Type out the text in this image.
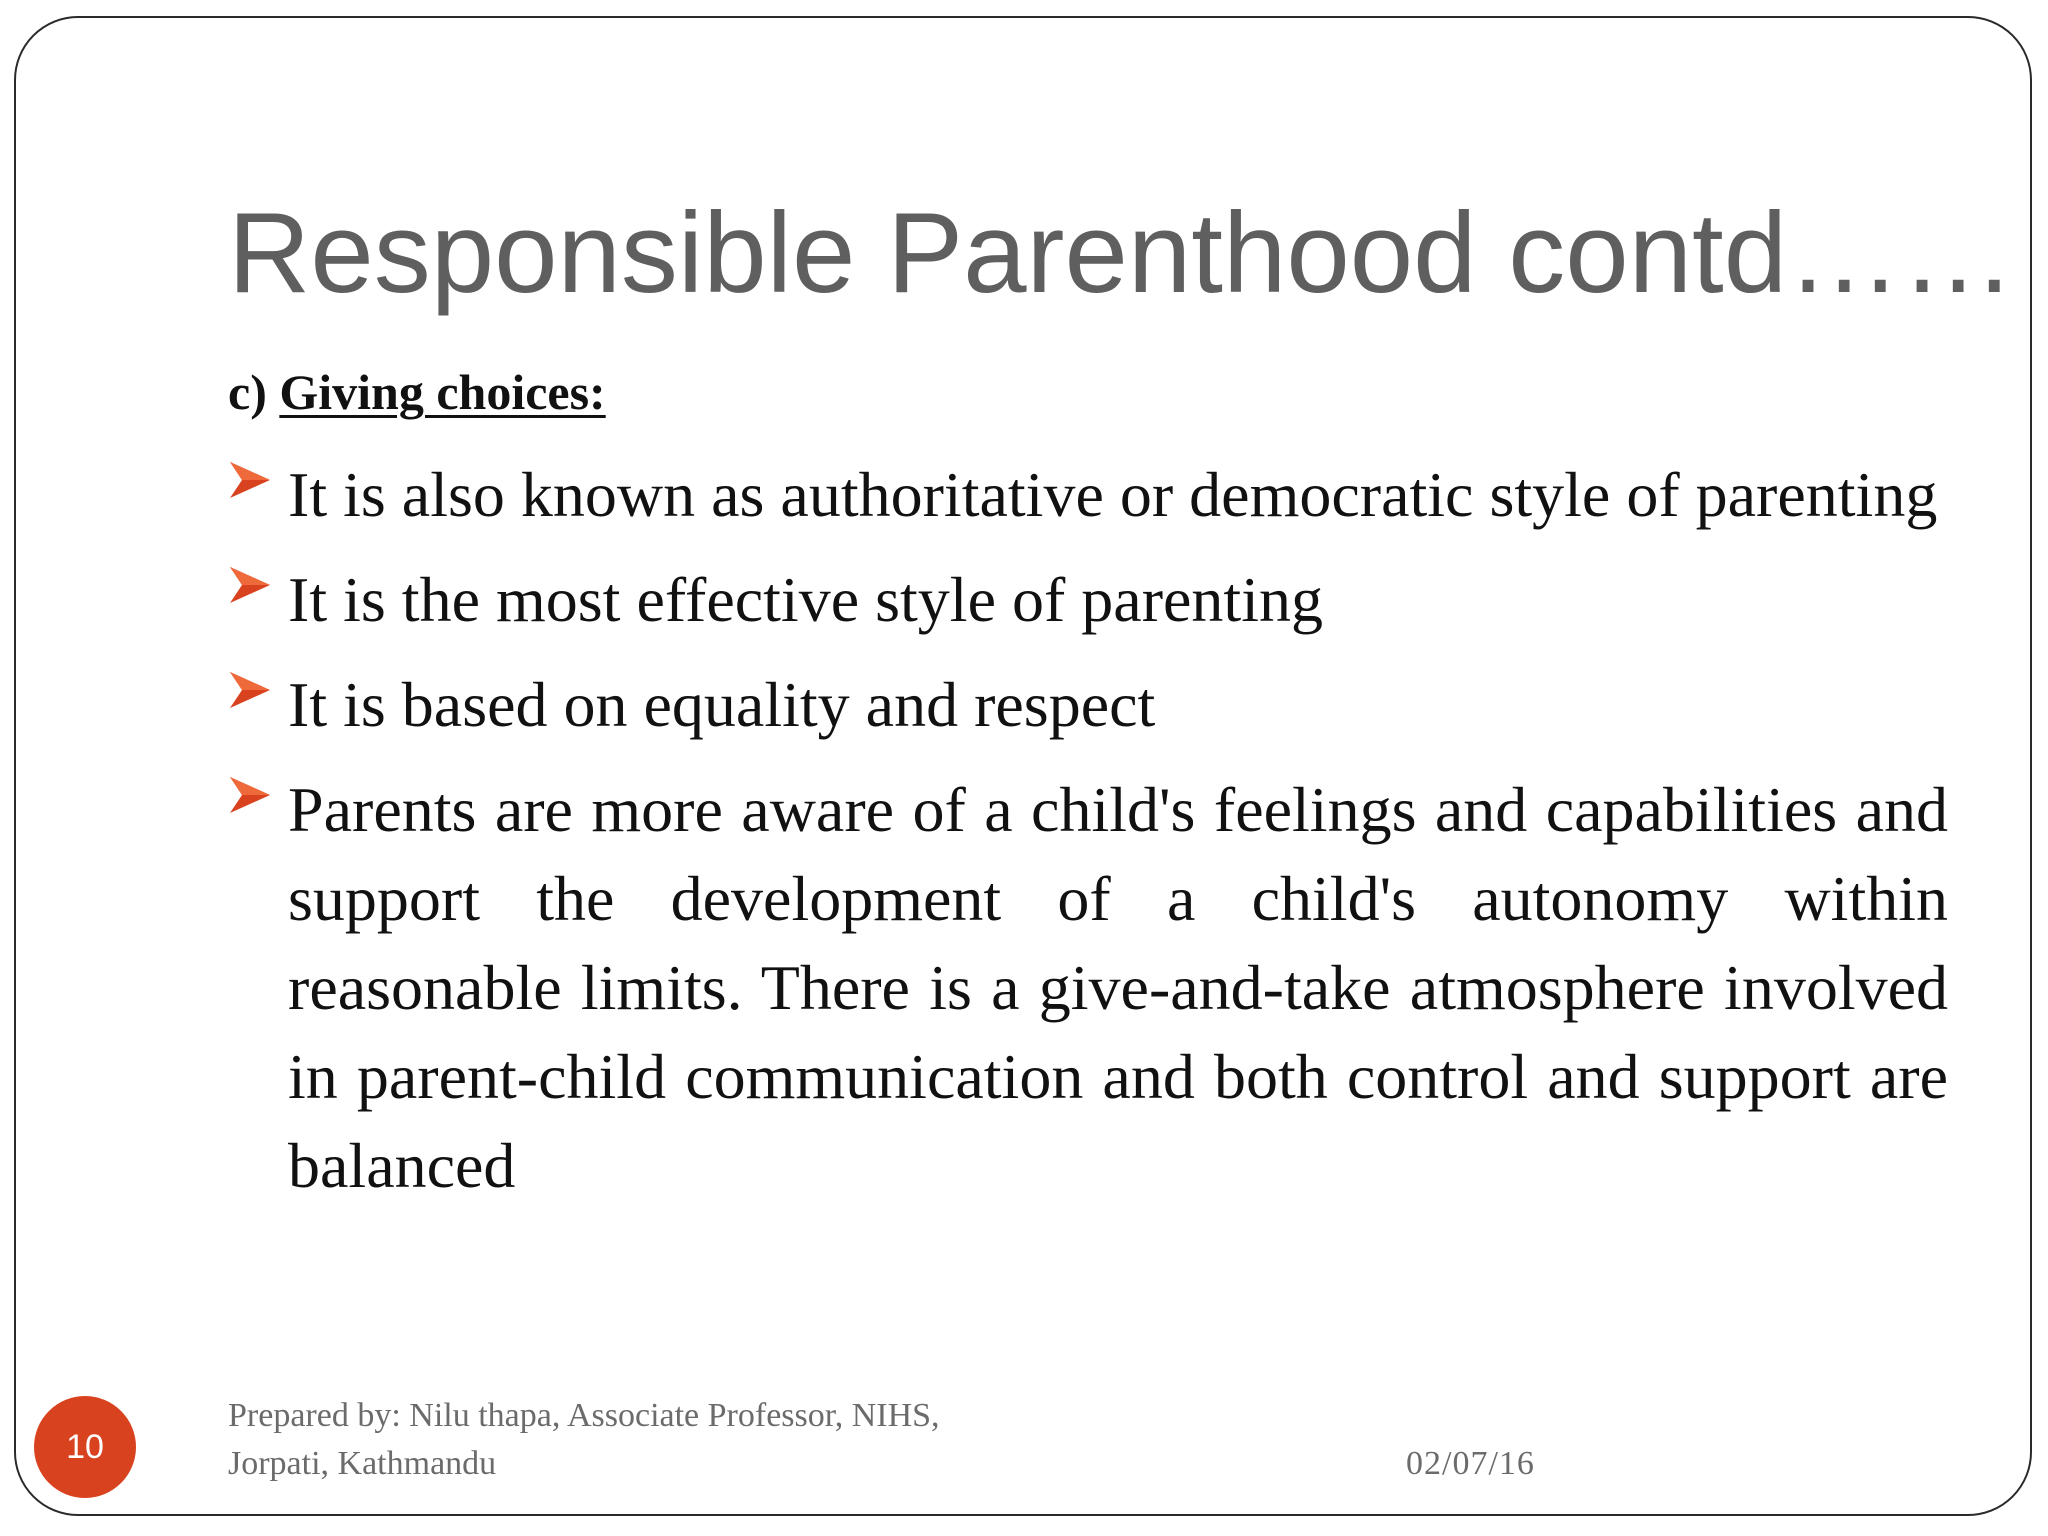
Responsible Parenthood contd……
c) Giving choices:
It is also known as authoritative or democratic style of parenting
It is the most effective style of parenting
It is based on equality and respect
Parents are more aware of a child's feelings and capabilities and support the development of a child's autonomy within reasonable limits. There is a give-and-take atmosphere involved in parent-child communication and both control and support are balanced
10
Prepared by: Nilu thapa, Associate Professor, NIHS,
Jorpati, Kathmandu	02/07/16
